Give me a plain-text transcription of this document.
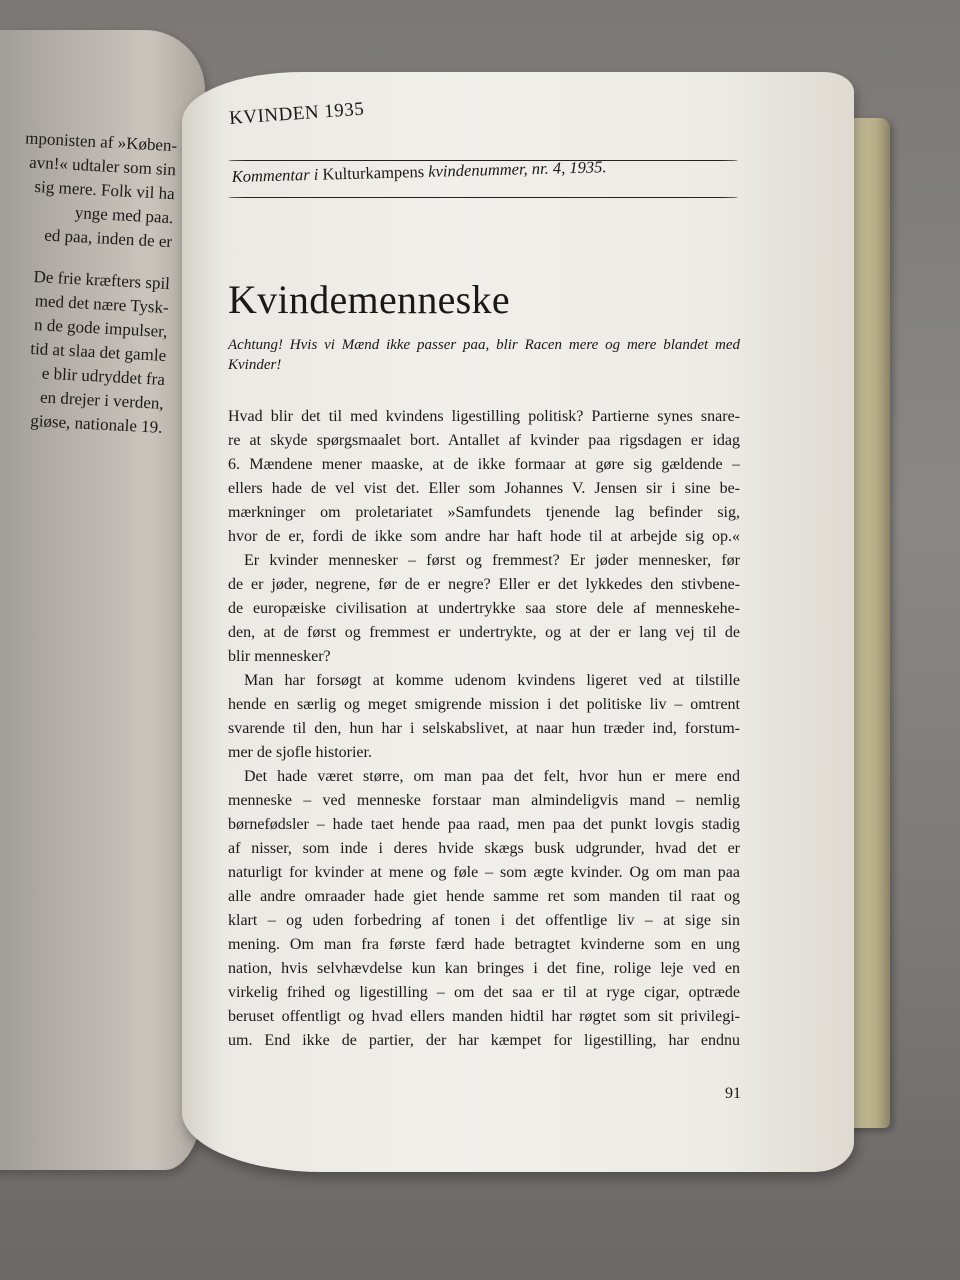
mponisten af »Køben-

avn!« udtaler som sin

sig mere. Folk vil ha

ynge med paa.

ed paa, inden de er

De frie kræfters spil

med det nære Tysk-

n de gode impulser,

tid at slaa det gamle

e blir udryddet fra

en drejer i verden,

giøse, nationale 19.

KVINDEN 1935
Kommentar i Kulturkampens kvindenummer, nr. 4, 1935.
Kvindemenneske
Achtung! Hvis vi Mænd ikke passer paa, blir Racen mere og mere blandet med Kvinder!

Hvad blir det til med kvindens ligestilling politisk? Partierne synes snare-
re at skyde spørgsmaalet bort. Antallet af kvinder paa rigsdagen er idag
6. Mændene mener maaske, at de ikke formaar at gøre sig gældende –
ellers hade de vel vist det. Eller som Johannes V. Jensen sir i sine be-
mærkninger om proletariatet »Samfundets tjenende lag befinder sig,
hvor de er, fordi de ikke som andre har haft hode til at arbejde sig op.«

Er kvinder mennesker – først og fremmest? Er jøder mennesker, før
de er jøder, negrene, før de er negre? Eller er det lykkedes den stivbene-
de europæiske civilisation at undertrykke saa store dele af menneskehe-
den, at de først og fremmest er undertrykte, og at der er lang vej til de
blir mennesker?

Man har forsøgt at komme udenom kvindens ligeret ved at tilstille
hende en særlig og meget smigrende mission i det politiske liv – omtrent
svarende til den, hun har i selskabslivet, at naar hun træder ind, forstum-
mer de sjofle historier.

Det hade været større, om man paa det felt, hvor hun er mere end
menneske – ved menneske forstaar man almindeligvis mand – nemlig
børnefødsler – hade taet hende paa raad, men paa det punkt lovgis stadig
af nisser, som inde i deres hvide skægs busk udgrunder, hvad det er
naturligt for kvinder at mene og føle – som ægte kvinder. Og om man paa
alle andre omraader hade giet hende samme ret som manden til raat og
klart – og uden forbedring af tonen i det offentlige liv – at sige sin
mening. Om man fra første færd hade betragtet kvinderne som en ung
nation, hvis selvhævdelse kun kan bringes i det fine, rolige leje ved en
virkelig frihed og ligestilling – om det saa er til at ryge cigar, optræde
beruset offentligt og hvad ellers manden hidtil har røgtet som sit privilegi-
um. End ikke de partier, der har kæmpet for ligestilling, har endnu

91
